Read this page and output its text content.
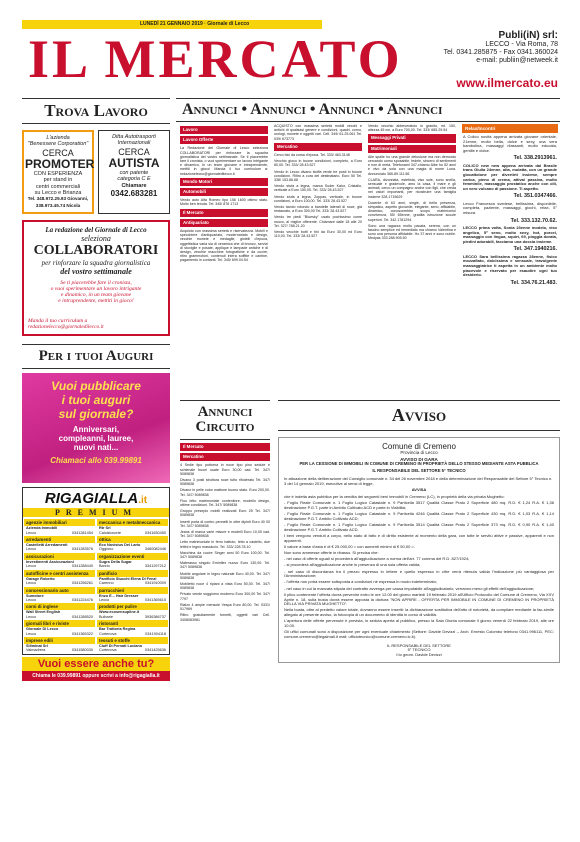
LUNEDÌ 21 GENNAIO 2019 · Giornale di Lecco
IL MERCATO	Publi(iN) srl:
LECCO - Via Roma, 78
Tel. 0341.285875 - Fax 0341.360024
e-mail: publiin@netweek.it
www.ilmercato.eu
Trova Lavoro
L'azienda
"Benessere Corporation"
CERCA
PROMOTER
CON ESPERIENZA
per stand in
centri commerciali
su Lecco e Brianza
Tel. 348.972.25.93 Giovanni,
338.973.45.74 Nicola
Ditta Autotrasporti
Internazionali
CERCA
AUTISTA
con patente
categoria C E
Chiamare
0342.683281
La redazione del Giornale di Lecco
seleziona
COLLABORATORI
per rinforzare la squadra giornalistica
del vostro settimanale
Se ti piacerebbe fare il cronista,
o vuoi sperimentare un lavoro intrigante
e dinamico, in un team giovane
e intraprendente, mettiti in gioco!
Manda il tuo curriculum a
redazionelecco@giornaledilecco.it
Per i tuoi Auguri
Vuoi pubblicare
i tuoi auguri
sul giornale?
Anniversari,
compleanni, lauree,
nuovi nati...
Chiamaci allo 039.99891
RIGAGIALLA.it
PREMIUM
agenzie immobiliari
Azienda Immobili
Lecco	0341281454
arredamenti
Castelletti Arredamenti
Lecco	0341283576
assicurazioni
Investimenti Assicurazioni
Lecco	0341288440
autofficine e centri assistenza
Garage Roberto
Lecco	0341256261
concessionario auto
Sumotore
Lecco	0341224476
corsi di inglese
Wall Street English
Lecco	0341288520
giornali libri e riviste
Giornale Di Lecco
Lecco	0341365322
imprese edili
Siliminat Srl
Valmadrera	0341580030
meccanica e metalmeccanica
Rtr Srl
Calolziocorte	0341630450
ottica
Eco Novistus Del Lario
Oggiono	3460082446
organizzazione eventi
Sugra Della Sugar
Barzio	3341297212
panificio
Panificio Stucchi Elena Di Fenzi
Carenno	0341910009
parrucchieri
Enzo E... Hair Dresser
Lecco	0341365615
prodotti per pulire
Www.ecosensupline.it
Bulbarie	3936386737
ristoranti
Bar Trattoria Regina
Cortenova	0341904118
tessuti e stoffe
Cluff Di Pernati Luciano
Cortenova	0341425636
Vuoi essere anche tu?
Chiama le 039.99891 oppure scrivi a info@rigagialla.it
Annunci • Annunci • Annunci • Annunci
Lavoro
Lavoro Offerte
La Redazione del Giornale di Lecco seleziona COLLABORATORI per rinforzare la squadra giornalistica del vostro settimanale. Se ti piacerebbe fare il cronista, o vuoi sperimentare un lavoro intrigante e dinamico, in un team giovane e intraprendente, mettiti in gioco! Manda il tuo curriculum a: redazionelecco@giornaledilecco.it
Mondo Motori
Automobili
Vendo auto Alfa Romeo tipo 156 1600 ottimo stato. Molto ben tenuta. Tel. 345/ 876 1713
Il Mercato
Antiquariato
Acquisto con massima serietà e riservatezza. Mobili e specchiere d'antiquariato, modernariato e design, vecchie monete e medaglie, gioielli d'epoca, oggettistica varia sia di ceramica che di bronzo, servizi di stoviglie e posate, applique e lampade antiche e di design, vecchie macchine fotografiche e da cucire, ritiro grammofoni, contenuti intera soffitte e cantine, pagamento in contanti. Tel. 345/ 699.04.54
ACQUISTO con massima serietà mobili vecchi e antichi di qualsiasi genere e condizioni, quadri, corno, orologi, monete e oggetti vari. Cell. 349/ 61.25.061 Tel. 039/ 673773
Mercatino
Cerco bici da corsa d'epoca. Tel. 333/ 463.3148
Vecchio gioco in buone condizioni, completo, a Euro 80,00. Tel. 333/ 28.43.527
Vendo in Lecco divano stoffa verde tre posti in buone condizioni. Ritiro a cura del destinatario. Euro 50 Tel. 338/ 153.86.68
Vendo stufa a legna, marca Suder Kalor, Cristallo, verticale a Euro 150,00. Tel. 333/ 28.43.527
Vendo stufa a legna, Zoppas, verticale, in buone condizioni, a Euro 100,00. Tel. 333/ 28.43.527
Vendo tavolo rotondo a bandelle laterali di noce, già restaurato, a Euro 300,00 Tel. 333/ 28.43.527
Vendo tre piedi "Bluesky" usato pochissimo come nuovo, al miglior offerente. Chiamare dalle 18 alle 20 Tel. 327/ 788.21.20
Vendo vecchie botti e tini da Euro 30,00 ed Euro 110,00. Tel. 333/ 28.43.527
Vendo vecchio abbeveratoio in granito, mt. 150, altezza 45 cm, a Euro 700,00. Tel. 333/ 685.29.54
Messaggi Privati
Matrimoniali
Alle spalle ho una grande delusione ma non demordo cercando uomo sposabile, fedele, sincero di sentimenti e non di metà. Telefonami 347-chiamo Albe ho 52 anni e vivo da sola con una magia di nome Luna. Annunciato 366.89.111.56
CLARA, divorziata, estetista, viso sole, sono snella, sensuale e gradevole, amo la casa, il mare e gli animali, cerco un compagno anche con figli, che creda nei valori importanti, per ricostruire una famiglia insieme 328.1715629
Docente di 63 anni, single, di bella presenza, simpatico, aspetto giovanile, elegante, serio, affidabile, dinamico, conoscerebbe scopo matrimonio/ convivenza, 55/ 65enne, gradita istruzione scuole superiori. Tel. 342.1781294.
Sono una ragazza molto pacata, serena, con un fascino semplice ed immediato ma chiamo Valentina e sono una persona affidabile. Ho 37 anni e sono nubile. Medyas 333.288.905.50
Relax/Incontri
A Colico novità appena arrivata giovane orientale, 21enne, molto bella, dolce e sexy, una vera bambolina, massaggi rilassanti, molto educata, gentile e dolce.
Tel. 338.2913961.
COLICO new new appena arrivata dal Brasile trans Giulia 24enne, alta, mulatta, con un grande giocattolone per divertirti insieme, sempre carica, pieno di crema, attiva/ passiva, molto femminile, massaggio prostatico anche con olii, un vero vulcano di passione. Ti aspetto.
Tel. 351.0347466.
Lecco Francesca svedese, bellissima, disponibile, completa, paziente, massaggi, giochi, relax, 5° misura.
Tel. 333.132.70.62.
LECCO prima volta, Sonia 23enne modelo, viso angelico, 5ª seno, molto sexy, hot, porcel, massaggio con lingua, squirt, 69, pioggia dorata, piedini adorabili, facciamo una doccia insieme.
Tel. 347.1940216.
LECCO Sara bellissima ragazza 28enne, fisico mozzafiato, dolcissima e sensuale, travolgente massaggiatrice ti aspetta in un ambiente molto piacevole e riservato per esaudire ogni tuo desiderio.
Tel. 334.76.21.483.
Annunci Circuito
Il Mercato
Mercatino
4 Sedie tipo pottorna in noce tipo pino sedute e schienale buoni usate Euro 30,00 cad. Tel. 347/ 5089838
Divano 3 posti struttura noce tutto rifoderato Tel. 347/ 5089838
Divano in pelle color mattone buono stato. Euro 200,00. Tel. 347/ 5089838
Flou letto matrimoniale contenitore, modello design, ottime condizioni. Tel. 347/ 5089838
Gruppo presepio mobili realizzati Euro 25 Tel. 347/ 5089838
Inserti porta di contro pennelli in oltre dipinti Euro 40 00 Tel. 347/ 5089838
Jeans di marca varie misure e modelli Euro 10,00 cad. Tel. 347/ 5089838
Letto matrimoniale in ferro battuto, letto a castello, due lettini e legno massiccio. Tel. 333/ 228.78.10
Macchina da cucire Singer anni 50 Euro 100,00. Tel. 347/ 5089838
Materasso singolo Eminflex nuovo Euro 130,00. Tel. 347/ 5089838
Mobile angolare in legno naturale Euro 40,00. Tel. 347/ 5089838
Mobiletto noce 4 ripiani a vista Euro 50,00. Tel. 347/ 5089838
Privato vende soggiorno moderno Euro 300,00 Tel. 347/ 7797
Rialzo 4 ampie mensole Vespa Euro 80,00. Tel. 0331/ 517969
Ritiro gratuitamente furnetti, oggetti vari Cell. 3408083981
Avviso
Comune di Cremeno
Provincia di Lecco
AVVISO DI GARA
PER LA CESSIONE DI IMMOBILI IN COMUNE DI CREMENO IN PROPRIETÀ DELLO STESSO MEDIANTE ASTA PUBBLICA
IL RESPONSABILE DEL SETTORE 5° TECNICO
In attuazione della deliberazione del Consiglio comunale n. 34 del 26 novembre 2018 e della determinazione del Responsabile del Settore 5° Tecnico n. 3 del 14 gennaio 2019, esecutive ai sensi di legge,
AVVISA
che è indetta asta pubblica per la vendita dei seguenti beni immobili in Cremeno (LC), in proprietà della via privata Mughetto:
- Foglio Reale Comunale n. 1 Foglio Logico Catastale n. 9 Particella 3517 Qualità Classe Prato 2 Superficie 480 mq. R.D. € 1,24 R.A. € 1,36 destinazione P.G.T. parte in Ambito Coltivato ACD e parte in Viabilità;
- Foglio Reale Comunale n. 1 Foglio Logico Catastale n. 9 Particella 4246 Qualità Classe Prato 2 Superficie 430 mq. R.D. € 1,03 R.A. € 1,14 destinazione P.G.T. Ambito Coltivato ACD;
- Foglio Reale Comunale n. 1 Foglio Logico Catastale n. 9 Particella 3514 Qualità Classe Prato 2 Superficie 373 mq. R.D. € 0,90 R.A. € 1,40 destinazione P.G.T. Ambito Coltivato ACD.
I beni vengono venduti a corpo, nello stato di fatto e di diritto esistente al momento della gara, con tutte le servitù attive e passive, apparenti e non apparenti.
Il valore a base d'asta è di € 25.000,00 = con aumenti minimi di € 50,00 =.
Non sono ammesse offerte in ribasso. Si precisa che:
- nel caso di offerte uguali si procederà all'aggiudicazione a norma dell'art. 77 comma del R.D. 827/1924;
- si procederà all'aggiudicazione anche in presenza di una sola offerta valida;
- nel caso di discordanza tra il prezzo espresso in lettere e quello espresso in cifre verrà ritenuta valida l'indicazione più vantaggiosa per l'Amministrazione;
- l'offerta non potrà essere sottoposta a condizioni né espressa in modo indeterminato;
- nel caso in cui la mancata stipula del contratto avvenga per causa imputabile all'aggiudicatario, verranno meno gli effetti dell'aggiudicazione;
Il plico contenente l'offerta dovrà pervenire entro le ore 12.00 del giorno martedì 19 febbraio 2019 all'Ufficio Protocollo del Comune di Cremeno, Via XXV Aprile n. 18, sulla busta dovrà essere apposta la dicitura "NON APRIRE - OFFERTA PER IMMOBILE IN COMUNE DI CREMENO IN PROPRIETÀ DELLA VIA PRIVATA MUGHETTO".
Nella busta, oltre al predetto valore totale, dovranno essere inseriti: la dichiarazione sostitutiva dell'atto di notorietà, da compilare mediante la fac-simile allegato al presente avviso, la fotocopia di un documento di identità in corso di validità.
L'apertura delle offerte pervenute è prevista, in seduta aperta al pubblico, presso la Sala Giunta comunale il giorno venerdì 22 febbraio 2019, alle ore 10.00.
Gli uffici comunali sono a disposizione per ogni eventuale chiarimento (Settore: Davide Devizzi – Arch. Ernesto Colombo telefono 0341.996111, PEC: comune.cremeno@legalmail.it mail: ufficiotecnico@comune.cremeno.lc.it).
IL RESPONSABILE DEL SETTORE
5° TECNICO
f.to geom. Davide Devizzi
